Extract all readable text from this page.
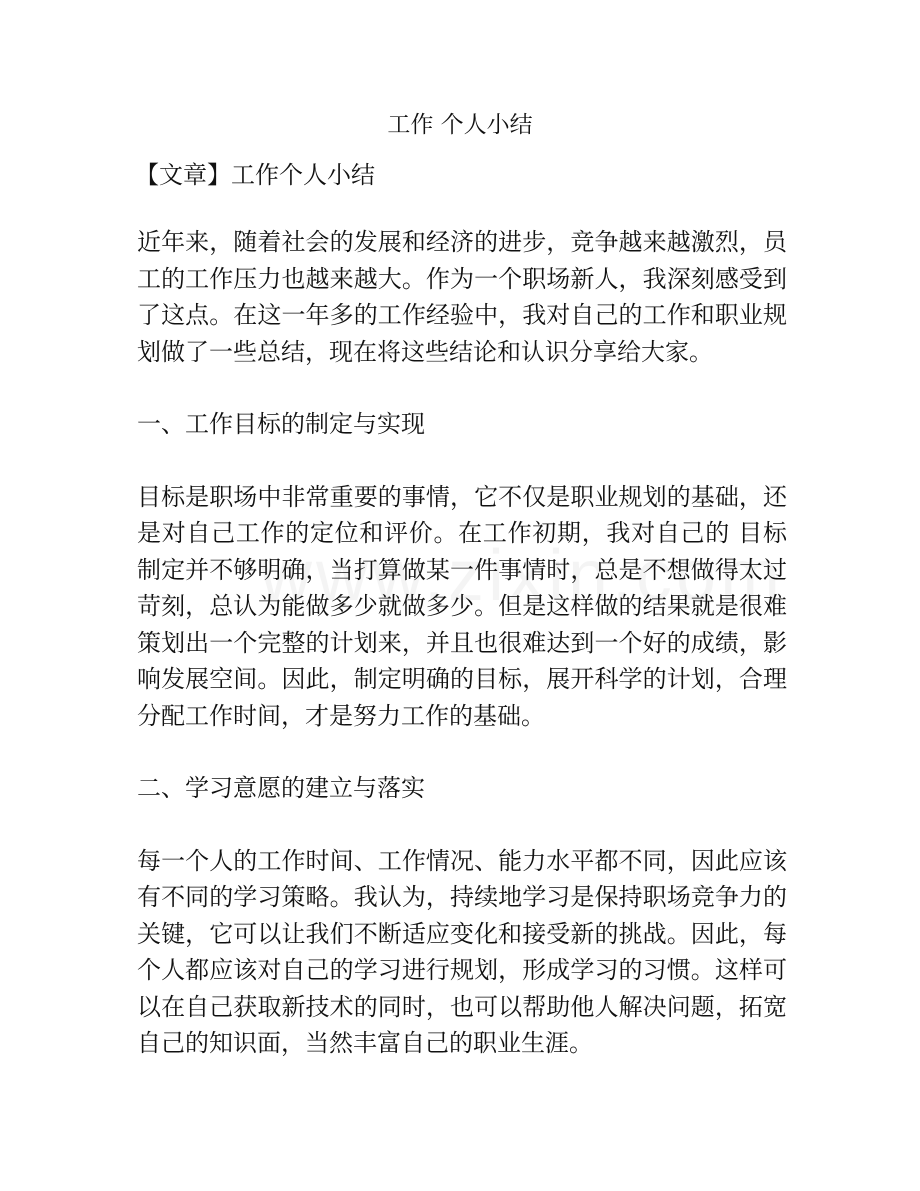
工作 个人小结
【文章】工作个人小结

近年来，随着社会的发展和经济的进步，竞争越来越激烈，员工的工作压力也越来越大。作为一个职场新人，我深刻感受到了这点。在这一年多的工作经验中，我对自己的工作和职业规划做了一些总结，现在将这些结论和认识分享给大家。

一、工作目标的制定与实现

目标是职场中非常重要的事情，它不仅是职业规划的基础，还是对自己工作的定位和评价。在工作初期，我对自己的 目标制定并不够明确，当打算做某一件事情时，总是不想做得太过苛刻，总认为能做多少就做多少。但是这样做的结果就是很难策划出一个完整的计划来，并且也很难达到一个好的成绩，影响发展空间。因此，制定明确的目标，展开科学的计划，合理分配工作时间，才是努力工作的基础。

二、学习意愿的建立与落实

每一个人的工作时间、工作情况、能力水平都不同，因此应该有不同的学习策略。我认为，持续地学习是保持职场竞争力的关键，它可以让我们不断适应变化和接受新的挑战。因此，每个人都应该对自己的学习进行规划，形成学习的习惯。这样可以在自己获取新技术的同时，也可以帮助他人解决问题，拓宽自己的知识面，当然丰富自己的职业生涯。
